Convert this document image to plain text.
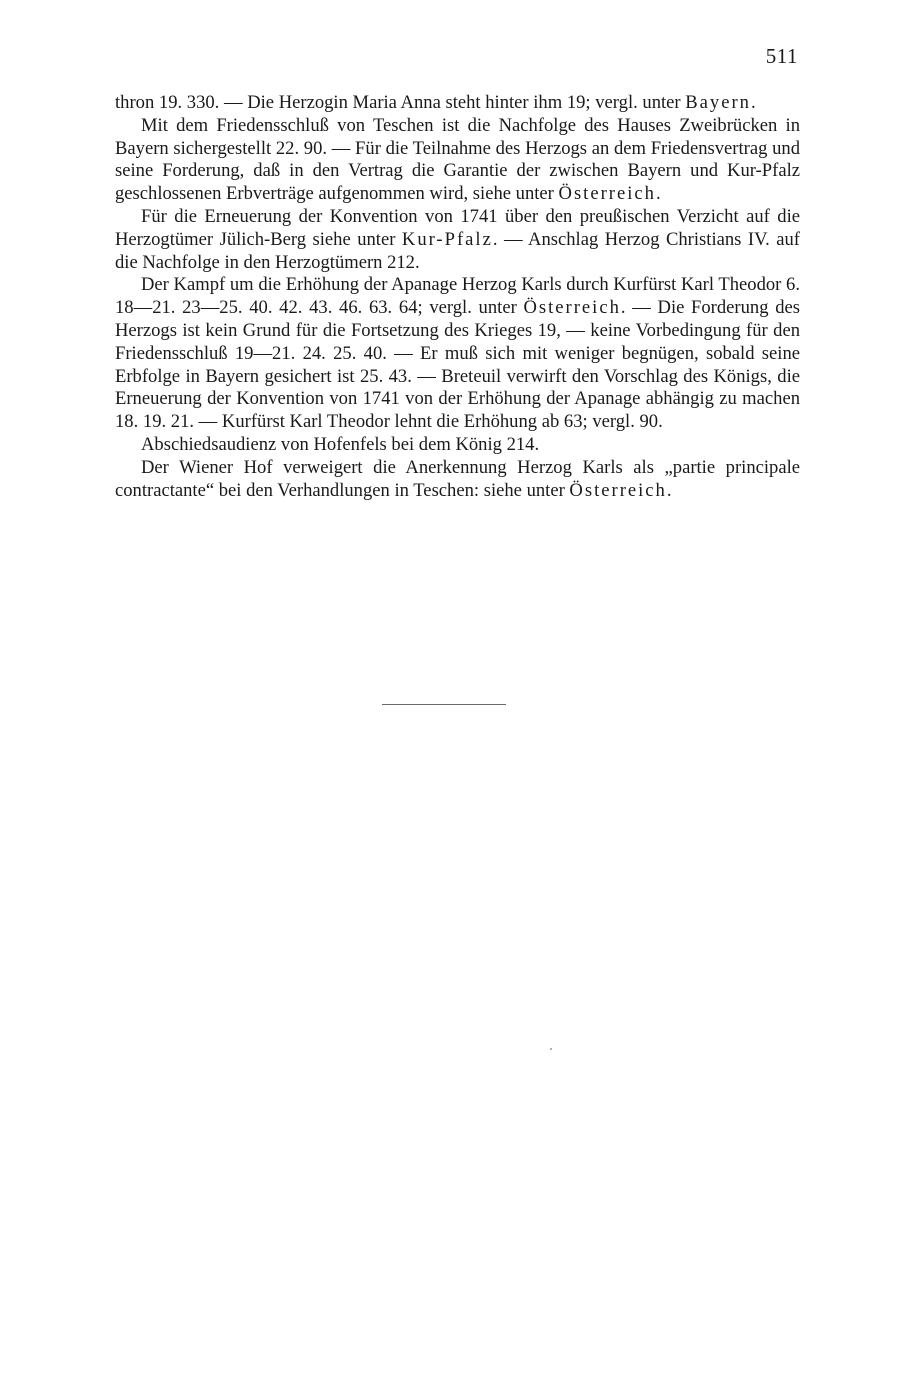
511

thron 19. 330. — Die Herzogin Maria Anna steht hinter ihm 19; vergl. unter Bayern.

Mit dem Friedensschluß von Teschen ist die Nachfolge des Hauses Zweibrücken in Bayern sichergestellt 22. 90. — Für die Teilnahme des Herzogs an dem Friedensvertrag und seine Forderung, daß in den Vertrag die Garantie der zwischen Bayern und Kur-Pfalz geschlossenen Erbverträge aufgenommen wird, siehe unter Österreich.

Für die Erneuerung der Konvention von 1741 über den preußischen Verzicht auf die Herzogtümer Jülich-Berg siehe unter Kur-Pfalz. — Anschlag Herzog Christians IV. auf die Nachfolge in den Herzogtümern 212.

Der Kampf um die Erhöhung der Apanage Herzog Karls durch Kurfürst Karl Theodor 6. 18—21. 23—25. 40. 42. 43. 46. 63. 64; vergl. unter Österreich. — Die Forderung des Herzogs ist kein Grund für die Fortsetzung des Krieges 19, — keine Vorbedingung für den Friedensschluß 19—21. 24. 25. 40. — Er muß sich mit weniger begnügen, sobald seine Erbfolge in Bayern gesichert ist 25. 43. — Breteuil verwirft den Vorschlag des Königs, die Erneuerung der Konvention von 1741 von der Erhöhung der Apanage abhängig zu machen 18. 19. 21. — Kurfürst Karl Theodor lehnt die Erhöhung ab 63; vergl. 90.

Abschiedsaudienz von Hofenfels bei dem König 214.

Der Wiener Hof verweigert die Anerkennung Herzog Karls als „partie principale contractante“ bei den Verhandlungen in Teschen: siehe unter Österreich.
